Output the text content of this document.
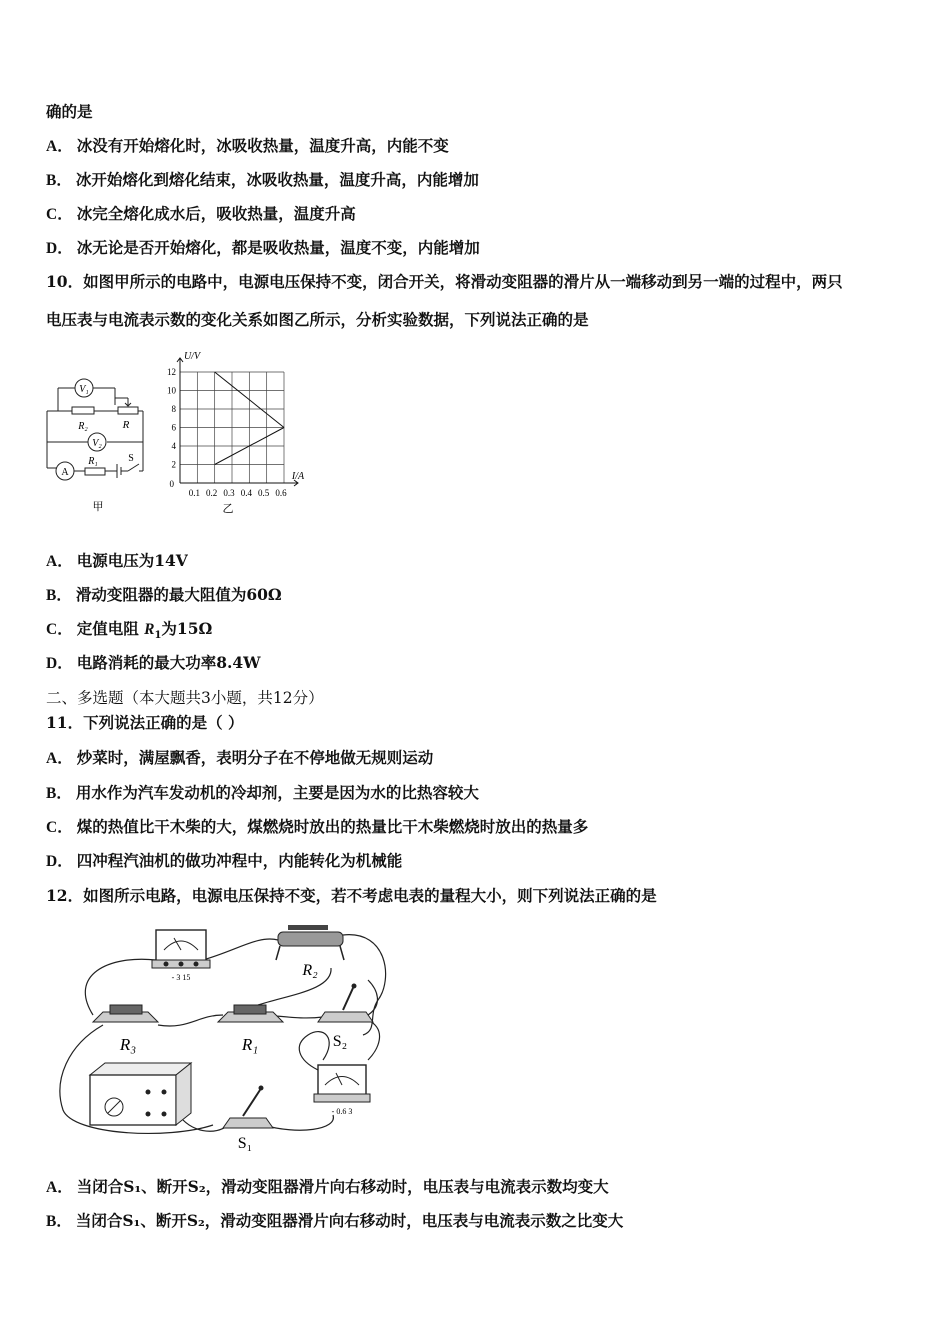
确的是
A． 冰没有开始熔化时，冰吸收热量，温度升高，内能不变
B． 冰开始熔化到熔化结束，冰吸收热量，温度升高，内能增加
C． 冰完全熔化成水后，吸收热量，温度升高
D． 冰无论是否开始熔化，都是吸收热量，温度不变，内能增加
10．如图甲所示的电路中，电源电压保持不变，闭合开关，将滑动变阻器的滑片从一端移动到另一端的过程中，两只
电压表与电流表示数的变化关系如图乙所示，分析实验数据，下列说法正确的是
V₁
R₂	R
V₂
A
R₁	S
甲
0.1 0.2 0.3 0.4 0.5 0.6
2
4
6
8
10
12
0
I/A
U/V
乙
A． 电源电压为14V
B． 滑动变阻器的最大阻值为60Ω
C． 定值电阻 $R_1$为15Ω
D． 电路消耗的最大功率8.4W
二、多选题（本大题共3小题，共12分）
11．下列说法正确的是（ ）
A． 炒菜时，满屋飘香，表明分子在不停地做无规则运动
B． 用水作为汽车发动机的冷却剂，主要是因为水的比热容较大
C． 煤的热值比干木柴的大，煤燃烧时放出的热量比干木柴燃烧时放出的热量多
D． 四冲程汽油机的做功冲程中，内能转化为机械能
12．如图所示电路，电源电压保持不变，若不考虑电表的量程大小，则下列说法正确的是
- 3 15
- 0.6 3
R₂
R₃	R₁	S₂
S₁
A． 当闭合S₁、断开S₂，滑动变阻器滑片向右移动时，电压表与电流表示数均变大
B． 当闭合S₁、断开S₂，滑动变阻器滑片向右移动时，电压表与电流表示数之比变大
